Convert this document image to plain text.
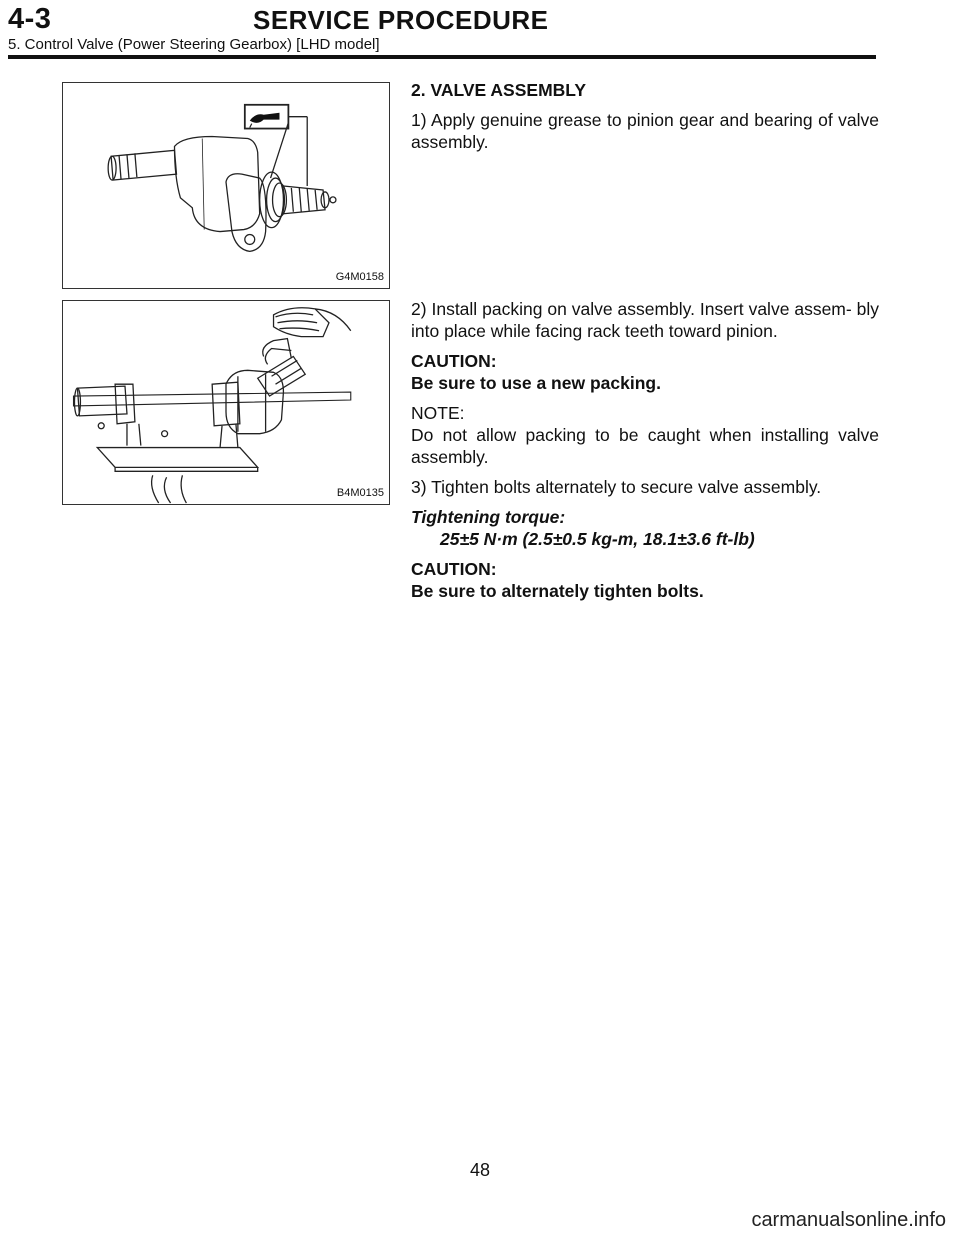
4-3	SERVICE PROCEDURE
5. Control Valve (Power Steering Gearbox) [LHD model]
G4M0158
B4M0135

2. VALVE ASSEMBLY

1) Apply genuine grease to pinion gear and bearing of valve assembly.

2) Install packing on valve assembly. Insert valve assem- bly into place while facing rack teeth toward pinion.

CAUTION:
Be sure to use a new packing.
NOTE:
Do not allow packing to be caught when installing valve assembly.

3) Tighten bolts alternately to secure valve assembly.

Tightening torque:
25±5 N·m (2.5±0.5 kg-m, 18.1±3.6 ft-lb)
CAUTION:
Be sure to alternately tighten bolts.
48
carmanualsonline.info
